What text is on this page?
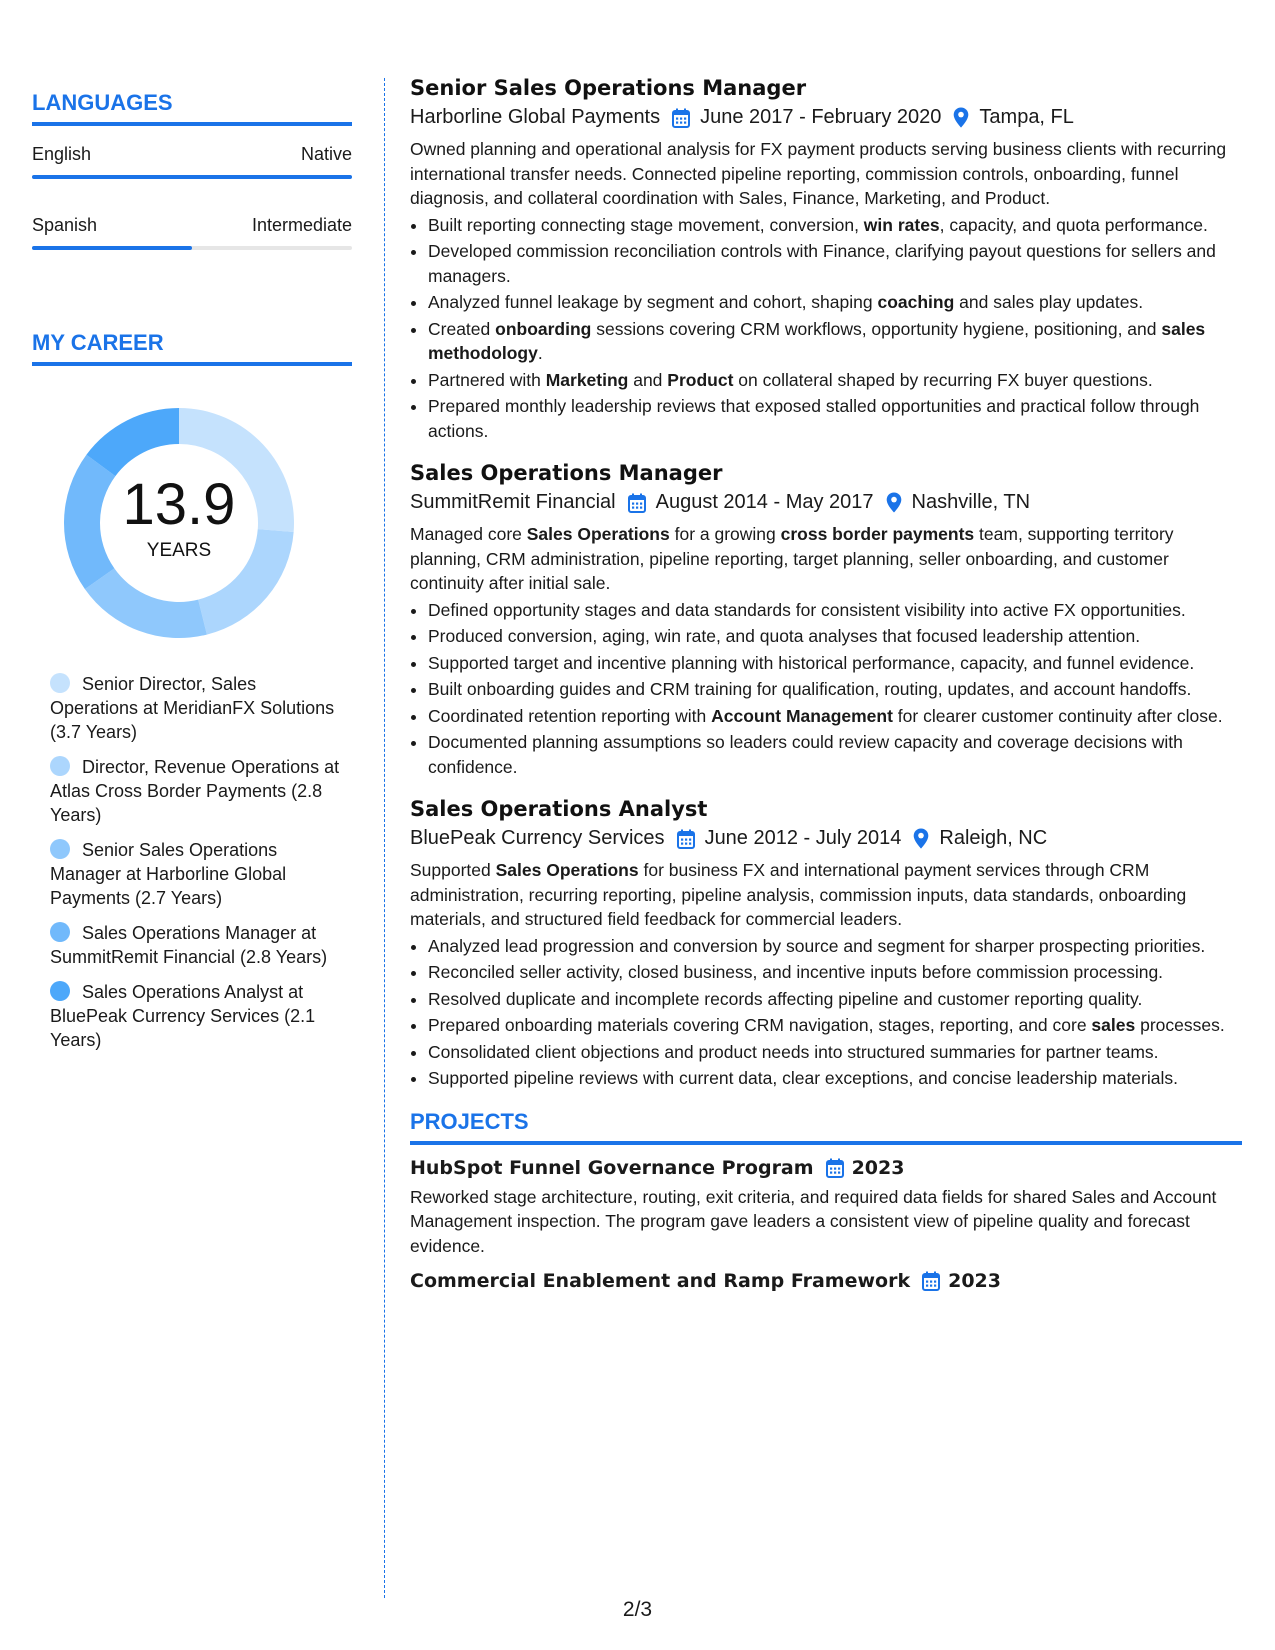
LANGUAGES
English	Native
Spanish	Intermediate
MY CAREER
13.9
YEARS
Senior Director, Sales Operations at MeridianFX Solutions (3.7 Years)
Director, Revenue Operations at Atlas Cross Border Payments (2.8 Years)
Senior Sales Operations Manager at Harborline Global Payments (2.7 Years)
Sales Operations Manager at SummitRemit Financial (2.8 Years)
Sales Operations Analyst at BluePeak Currency Services (2.1 Years)
Senior Sales Operations Manager
Harborline Global Payments June 2017 - February 2020 Tampa, FL
Owned planning and operational analysis for FX payment products serving business clients with recurring international transfer needs. Connected pipeline reporting, commission controls, onboarding, funnel diagnosis, and collateral coordination with Sales, Finance, Marketing, and Product.
• Built reporting connecting stage movement, conversion, win rates, capacity, and quota performance.
• Developed commission reconciliation controls with Finance, clarifying payout questions for sellers and managers.
• Analyzed funnel leakage by segment and cohort, shaping coaching and sales play updates.
• Created onboarding sessions covering CRM workflows, opportunity hygiene, positioning, and sales methodology.
• Partnered with Marketing and Product on collateral shaped by recurring FX buyer questions.
• Prepared monthly leadership reviews that exposed stalled opportunities and practical follow through actions.
Sales Operations Manager
SummitRemit Financial August 2014 - May 2017 Nashville, TN
Managed core Sales Operations for a growing cross border payments team, supporting territory planning, CRM administration, pipeline reporting, target planning, seller onboarding, and customer continuity after initial sale.
• Defined opportunity stages and data standards for consistent visibility into active FX opportunities.
• Produced conversion, aging, win rate, and quota analyses that focused leadership attention.
• Supported target and incentive planning with historical performance, capacity, and funnel evidence.
• Built onboarding guides and CRM training for qualification, routing, updates, and account handoffs.
• Coordinated retention reporting with Account Management for clearer customer continuity after close.
• Documented planning assumptions so leaders could review capacity and coverage decisions with confidence.
Sales Operations Analyst
BluePeak Currency Services June 2012 - July 2014 Raleigh, NC
Supported Sales Operations for business FX and international payment services through CRM administration, recurring reporting, pipeline analysis, commission inputs, data standards, onboarding materials, and structured field feedback for commercial leaders.
• Analyzed lead progression and conversion by source and segment for sharper prospecting priorities.
• Reconciled seller activity, closed business, and incentive inputs before commission processing.
• Resolved duplicate and incomplete records affecting pipeline and customer reporting quality.
• Prepared onboarding materials covering CRM navigation, stages, reporting, and core sales processes.
• Consolidated client objections and product needs into structured summaries for partner teams.
• Supported pipeline reviews with current data, clear exceptions, and concise leadership materials.
PROJECTS
HubSpot Funnel Governance Program 2023
Reworked stage architecture, routing, exit criteria, and required data fields for shared Sales and Account Management inspection. The program gave leaders a consistent view of pipeline quality and forecast evidence.
Commercial Enablement and Ramp Framework 2023
2/3
